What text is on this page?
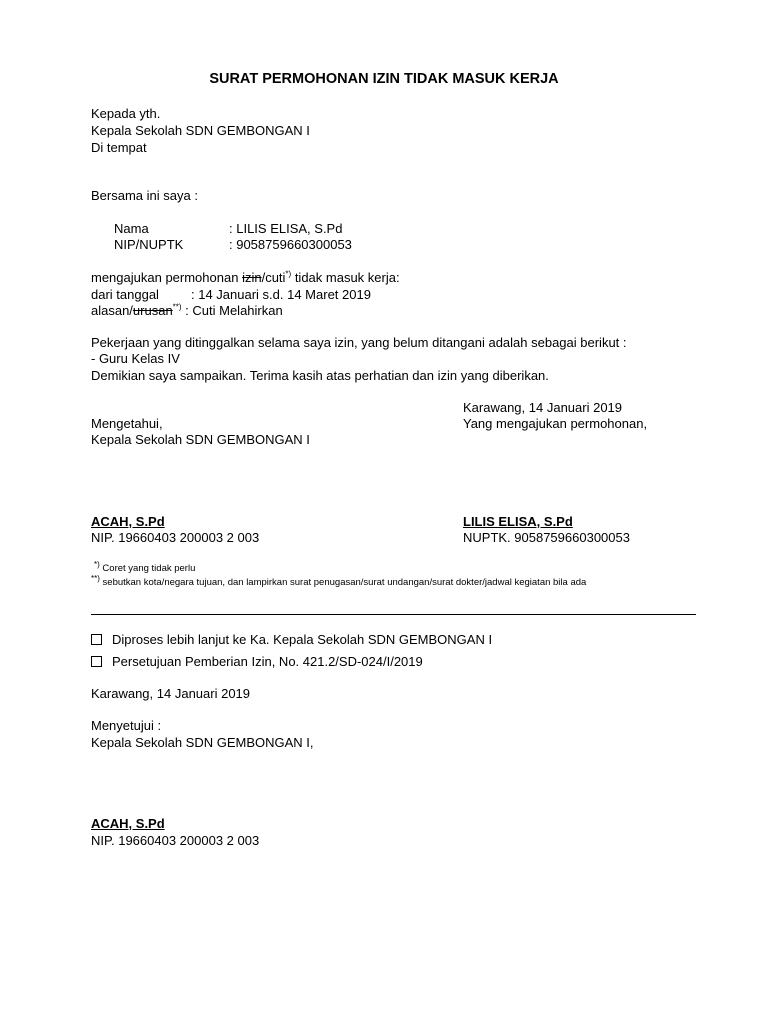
SURAT PERMOHONAN IZIN TIDAK MASUK KERJA
Kepada yth.
Kepala Sekolah SDN GEMBONGAN I
Di tempat
Bersama ini saya :
Nama	: LILIS ELISA, S.Pd
NIP/NUPTK	: 9058759660300053
mengajukan permohonan izin/cuti*) tidak masuk kerja:
dari tanggal : 14 Januari s.d. 14 Maret 2019
alasan/urusan**) : Cuti Melahirkan
Pekerjaan yang ditinggalkan selama saya izin, yang belum ditangani adalah sebagai berikut :
- Guru Kelas IV
Demikian saya sampaikan. Terima kasih atas perhatian dan izin yang diberikan.
Karawang, 14 Januari 2019
Mengetahui,	Yang mengajukan permohonan,
Kepala Sekolah SDN GEMBONGAN I
ACAH, S.Pd
NIP. 19660403 200003 2 003
LILIS ELISA, S.Pd
NUPTK. 9058759660300053
*) Coret yang tidak perlu
**) sebutkan kota/negara tujuan, dan lampirkan surat penugasan/surat undangan/surat dokter/jadwal kegiatan bila ada
Diproses lebih lanjut ke Ka. Kepala Sekolah SDN GEMBONGAN I
Persetujuan Pemberian Izin, No. 421.2/SD-024/I/2019
Karawang, 14 Januari 2019
Menyetujui :
Kepala Sekolah SDN GEMBONGAN I,
ACAH, S.Pd
NIP. 19660403 200003 2 003
